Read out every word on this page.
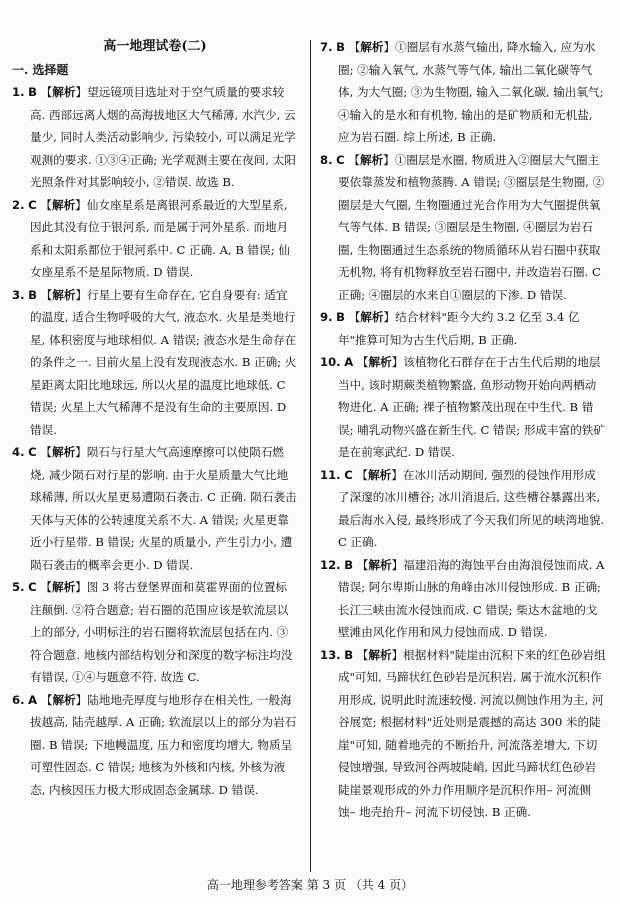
高一地理试卷(二)
一. 选择题

1. B 【解析】望远镜项目选址对于空气质量的要求较高. 西部远离人烟的高海拔地区大气稀薄, 水汽少, 云量少, 同时人类活动影响少, 污染较小, 可以满足光学观测的要求. ①③④正确; 光学观测主要在夜间, 太阳光照条件对其影响较小, ②错误. 故选 B.

2. C 【解析】仙女座星系是离银河系最近的大型星系, 因此其没有位于银河系, 而是属于河外星系. 而地月系和太阳系都位于银河系中. C 正确. A, B 错误; 仙女座星系不是星际物质. D 错误.

3. B 【解析】行星上要有生命存在, 它自身要有: 适宜的温度, 适合生物呼吸的大气, 液态水. 火星是类地行星, 体积密度与地球相似. A 错误; 液态水是生命存在的条件之一. 目前火星上没有发现液态水. B 正确; 火星距离太阳比地球远, 所以火星的温度比地球低. C 错误; 火星上大气稀薄不是没有生命的主要原因. D 错误.

4. C 【解析】陨石与行星大气高速摩擦可以使陨石燃烧, 减少陨石对行星的影响. 由于火星质量大气比地球稀薄, 所以火星更易遭陨石袭击. C 正确. 陨石袭击天体与天体的公转速度关系不大. A 错误; 火星更靠近小行星带. B 错误; 火星的质量小, 产生引力小, 遭陨石袭击的概率会更小. D 错误.

5. C 【解析】图 3 将古登堡界面和莫霍界面的位置标注颠倒. ②符合题意; 岩石圈的范围应该是软流层以上的部分, 小明标注的岩石圈将软流层包括在内. ③符合题意. 地核内部结构划分和深度的数字标注均没有错误, ①④与题意不符. 故选 C.

6. A 【解析】陆地地壳厚度与地形存在相关性, 一般海拔越高, 陆壳越厚. A 正确; 软流层以上的部分为岩石圈. B 错误; 下地幔温度, 压力和密度均增大, 物质呈可塑性固态. C 错误; 地核为外核和内核, 外核为液态, 内核因压力极大形成固态金属球. D 错误.

7. B 【解析】①圈层有水蒸气输出, 降水输入, 应为水圈; ②输入氧气, 水蒸气等气体, 输出二氧化碳等气体, 为大气圈; ③为生物圈, 输入二氧化碳, 输出氧气; ④输入的是水和有机物, 输出的是矿物质和无机盐, 应为岩石圈. 综上所述, B 正确.

8. C 【解析】①圈层是水圈, 物质进入②圈层大气圈主要依靠蒸发和植物蒸腾. A 错误; ③圈层是生物圈, ②圈层是大气圈, 生物圈通过光合作用为大气圈提供氧气等气体. B 错误; ③圈层是生物圈, ④圈层为岩石圈, 生物圈通过生态系统的物质循环从岩石圈中获取无机物, 将有机物释放至岩石圈中, 并改造岩石圈. C 正确; ④圈层的水来自①圈层的下渗. D 错误.

9. B 【解析】结合材料"距今大约 3.2 亿至 3.4 亿年"推算可知为古生代后期, B 正确.

10. A 【解析】该植物化石群存在于古生代后期的地层当中, 该时期蕨类植物繁盛, 鱼形动物开始向两栖动物进化. A 正确; 裸子植物繁茂出现在中生代. B 错误; 哺乳动物兴盛在新生代. C 错误; 形成丰富的铁矿是在前寒武纪. D 错误.

11. C 【解析】在冰川活动期间, 强烈的侵蚀作用形成了深邃的冰川槽谷; 冰川消退后, 这些槽谷暴露出来, 最后海水入侵, 最终形成了今天我们所见的峡湾地貌. C 正确.

12. B 【解析】福建沿海的海蚀平台由海浪侵蚀而成. A 错误; 阿尔卑斯山脉的角峰由冰川侵蚀形成. B 正确; 长江三峡由流水侵蚀而成. C 错误; 柴达木盆地的戈壁滩由风化作用和风力侵蚀而成. D 错误.

13. B 【解析】根据材料"陡崖由沉积下来的红色砂岩组成"可知, 马蹄状红色砂岩是沉积岩, 属于流水沉积作用形成, 说明此时流速较慢. 河流以侧蚀作用为主, 河谷展宽; 根据材料"近处则是震撼的高达 300 米的陡崖"可知, 随着地壳的不断抬升, 河流落差增大, 下切侵蚀增强, 导致河谷两坡陡峭, 因此马蹄状红色砂岩陡崖景观形成的外力作用顺序是沉积作用– 河流侧蚀– 地壳抬升– 河流下切侵蚀. B 正确.

高一地理参考答案 第 3 页 （共 4 页）
